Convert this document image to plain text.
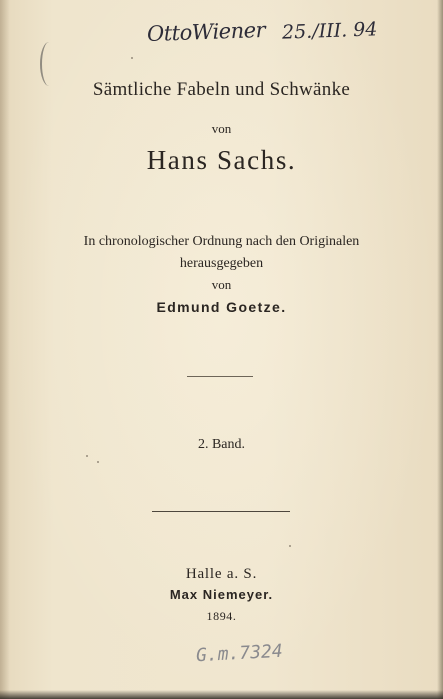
OttoWiener 25./III. 94
Sämtliche Fabeln und Schwänke
von
Hans Sachs.
In chronologischer Ordnung nach den Originalen
herausgegeben
von
Edmund Goetze.
2. Band.
Halle a. S.
Max Niemeyer.
1894.
G.m.7324
